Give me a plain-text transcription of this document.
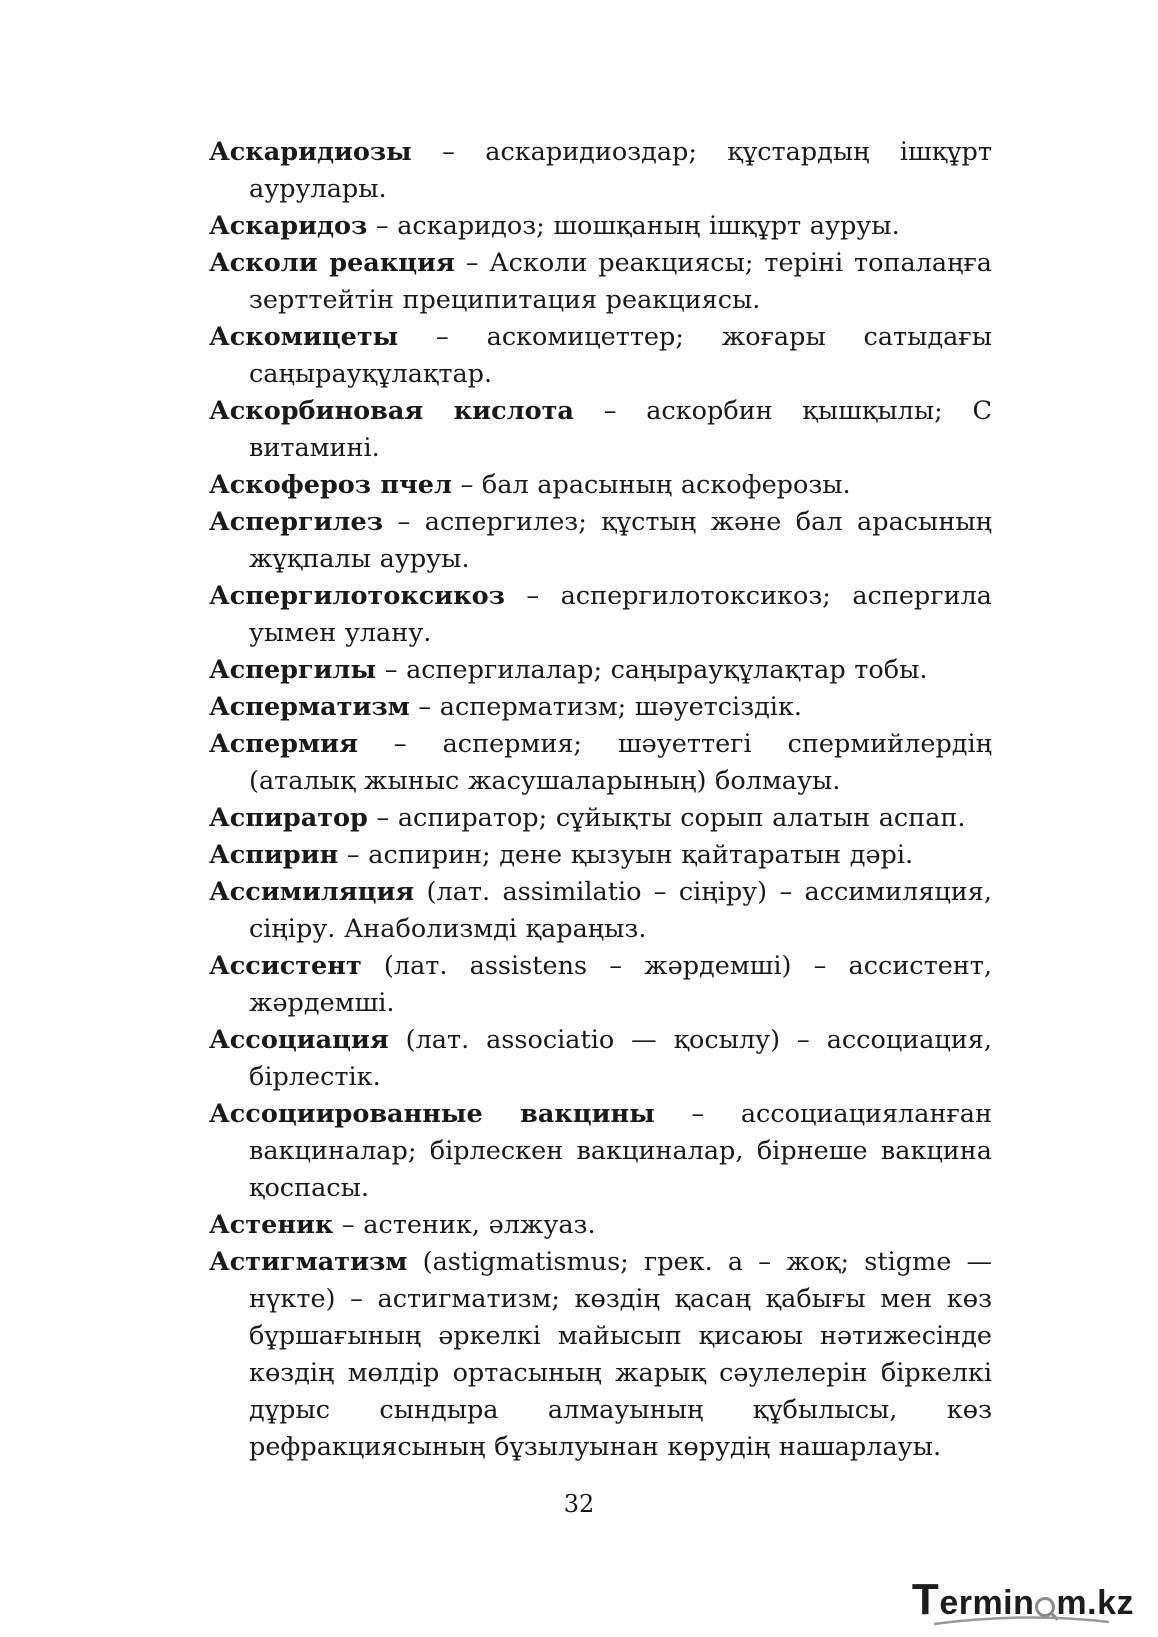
Аскаридиозы – аскаридиоздар; құстардың ішқұрт аурулары.

Аскаридоз – аскаридоз; шошқаның ішқұрт ауруы.

Асколи реакция – Асколи реакциясы; теріні топалаңға зерттейтін преципитация реакциясы.

Аскомицеты – аскомицеттер; жоғары сатыдағы саңырауқұлақтар.

Аскорбиновая кислота – аскорбин қышқылы; С витамині.

Аскофероз пчел – бал арасының аскоферозы.

Аспергилез – аспергилез; құстың және бал арасының жұқпалы ауруы.

Аспергилотоксикоз – аспергилотоксикоз; аспергила уымен улану.

Аспергилы – аспергилалар; саңырауқұлақтар тобы.

Асперматизм – асперматизм; шәуетсіздік.

Аспермия – аспермия; шәуеттегі спермийлердің (аталық жыныс жасушаларының) болмауы.

Аспиратор – аспиратор; сұйықты сорып алатын аспап.

Аспирин – аспирин; дене қызуын қайтаратын дәрі.

Ассимиляция (лат. assimilatio – сіңіру) – ассимиляция, сіңіру. Анаболизмді қараңыз.

Ассистент (лат. assistens – жәрдемші) – ассистент, жәрдемші.

Ассоциация (лат. associatio — қосылу) – ассоциация, бірлестік.

Ассоциированные вакцины – ассоциацияланған вакциналар; бірлескен вакциналар, бірнеше вакцина қоспасы.

Астеник – астеник, әлжуаз.

Астигматизм (astigmatismus; грек. а – жоқ; stigme — нүкте) – астигматизм; көздің қасаң қабығы мен көз бұршағының әркелкі майысып қисаюы нәтижесінде көздің мөлдір ортасының жарық сәулелерін біркелкі дұрыс сындыра алмауының құбылысы, көз рефракциясының бұзылуынан көрудің нашарлауы.

32
T ermin m.kz
